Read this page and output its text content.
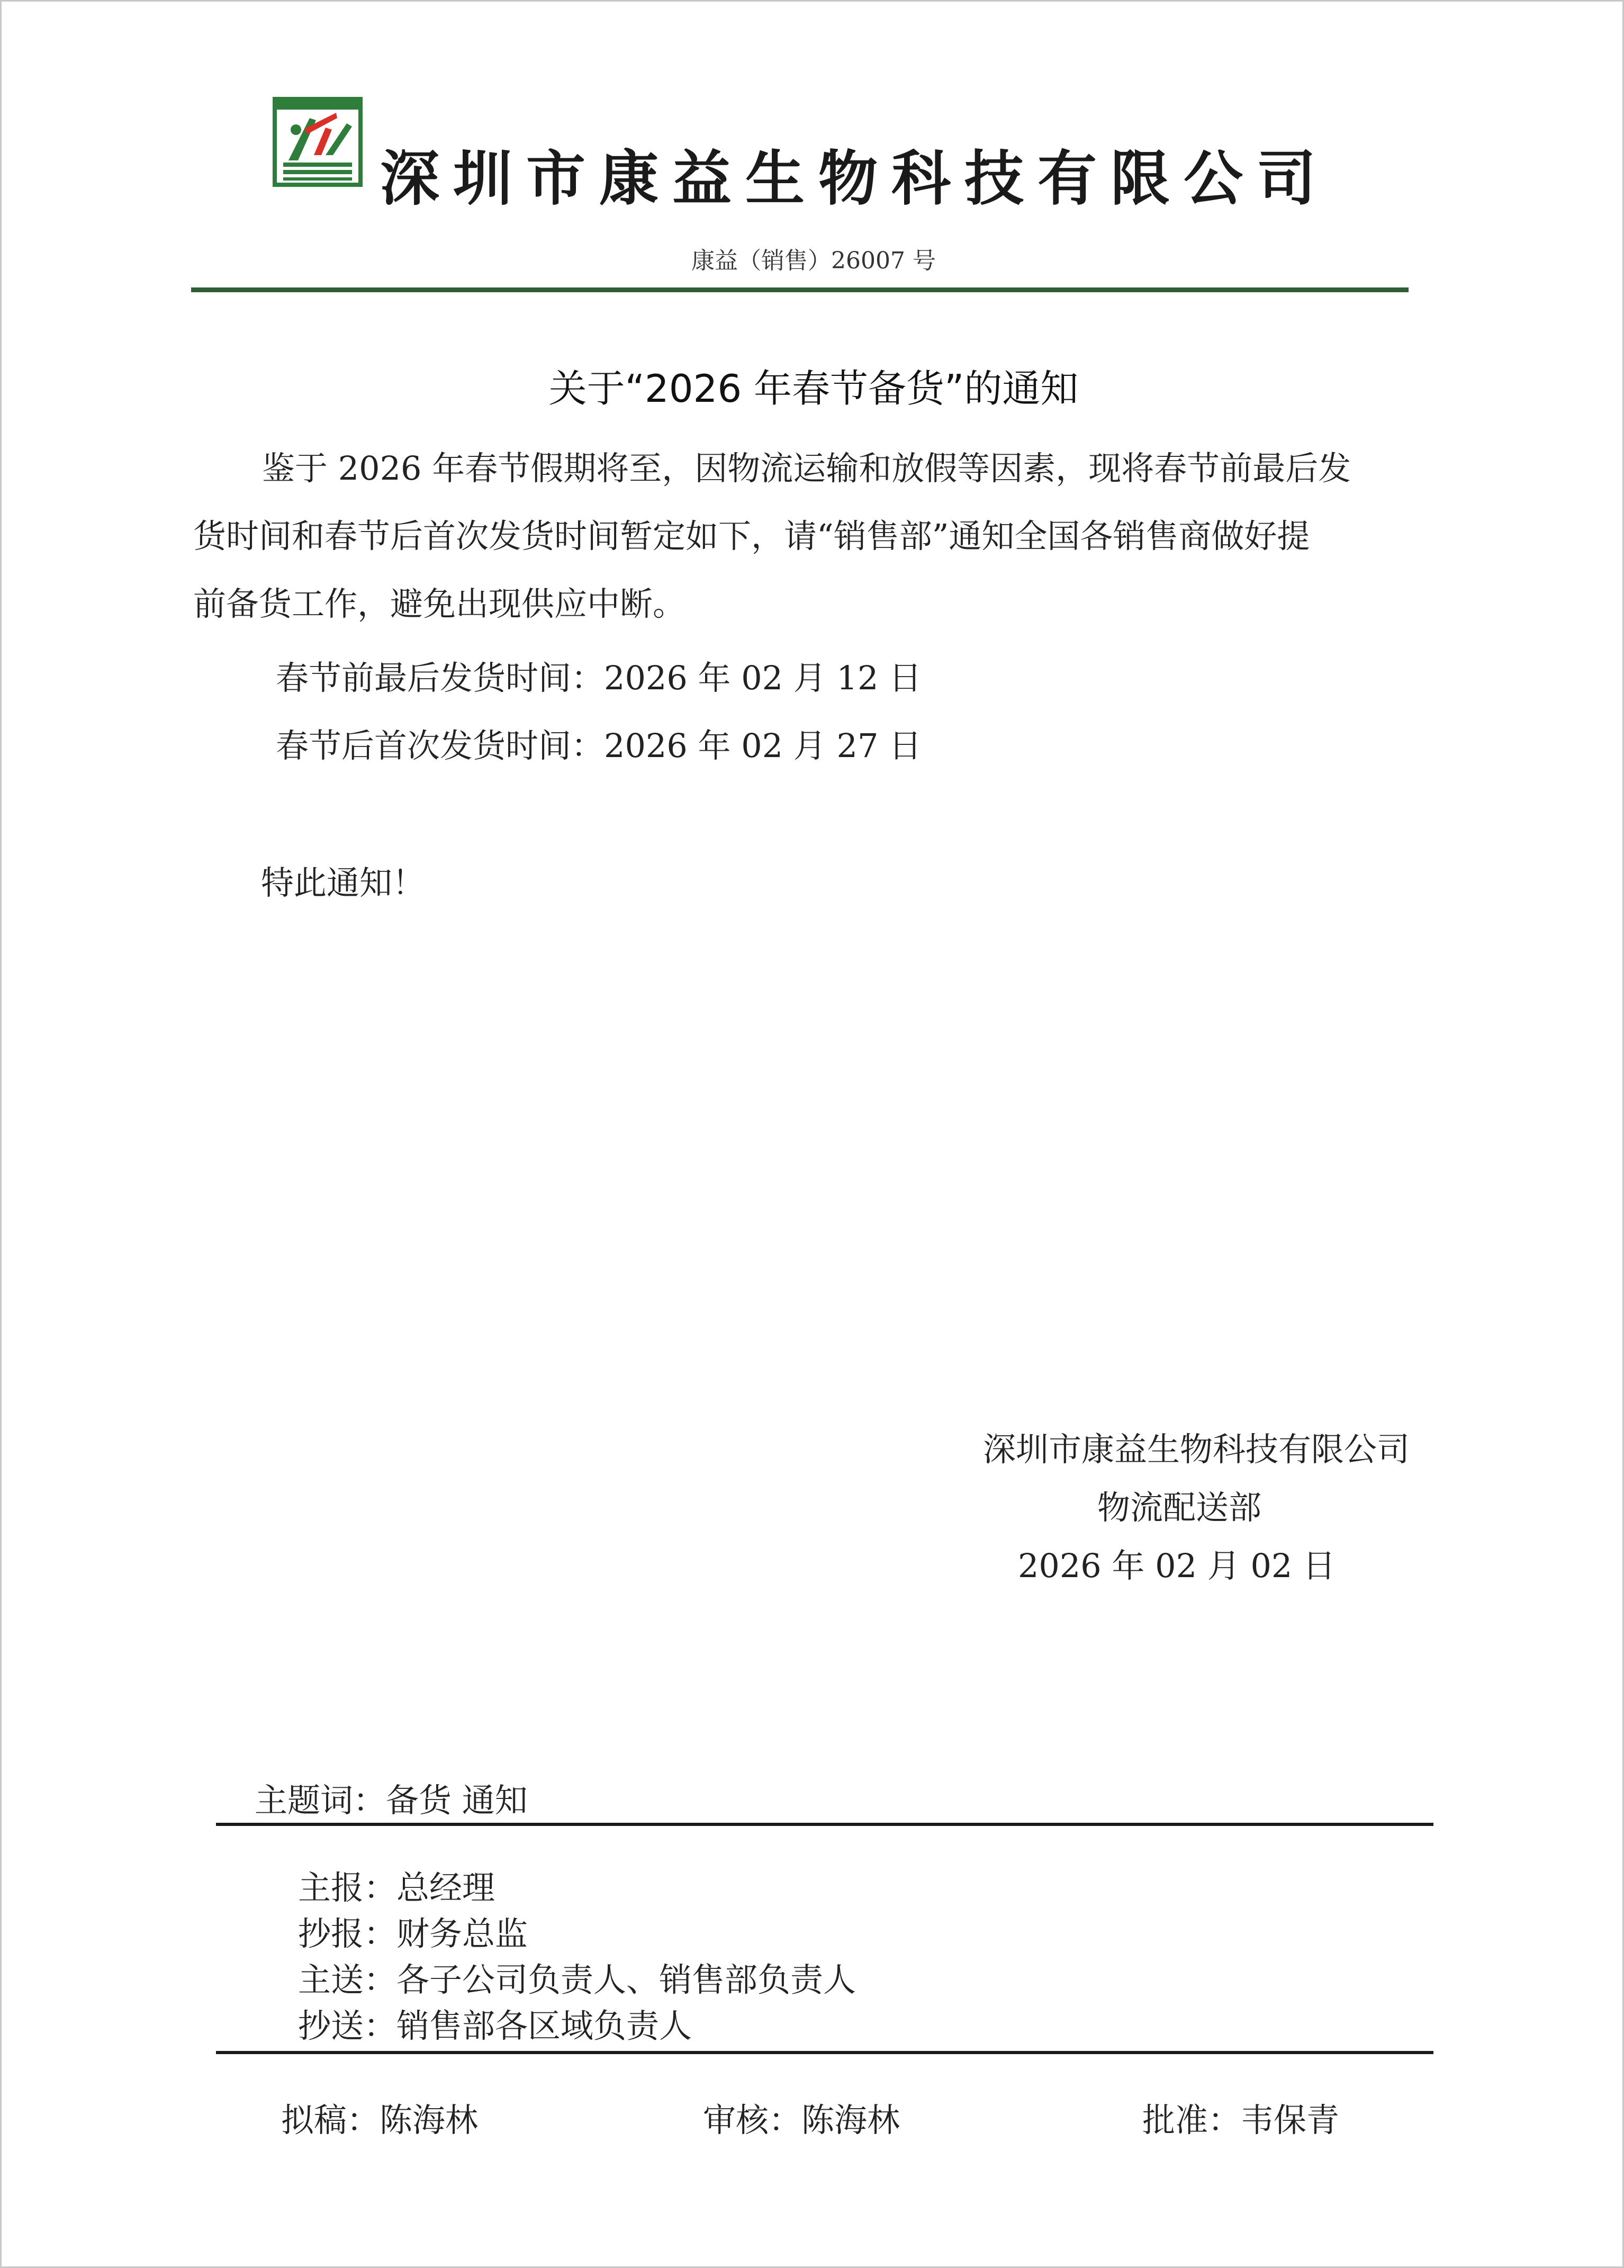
深圳市康益生物科技有限公司
康益（销售）26007 号
关于“2026 年春节备货”的通知
鉴于 2026 年春节假期将至，因物流运输和放假等因素，现将春节前最后发
货时间和春节后首次发货时间暂定如下，请“销售部”通知全国各销售商做好提
前备货工作，避免出现供应中断。
春节前最后发货时间：2026 年 02 月 12 日
春节后首次发货时间：2026 年 02 月 27 日
特此通知！
深圳市康益生物科技有限公司
物流配送部
2026 年 02 月 02 日
主题词：备货 通知
主报：总经理
抄报：财务总监
主送：各子公司负责人、销售部负责人
抄送：销售部各区域负责人
拟稿：陈海林	审核：陈海林	批准：韦保青
